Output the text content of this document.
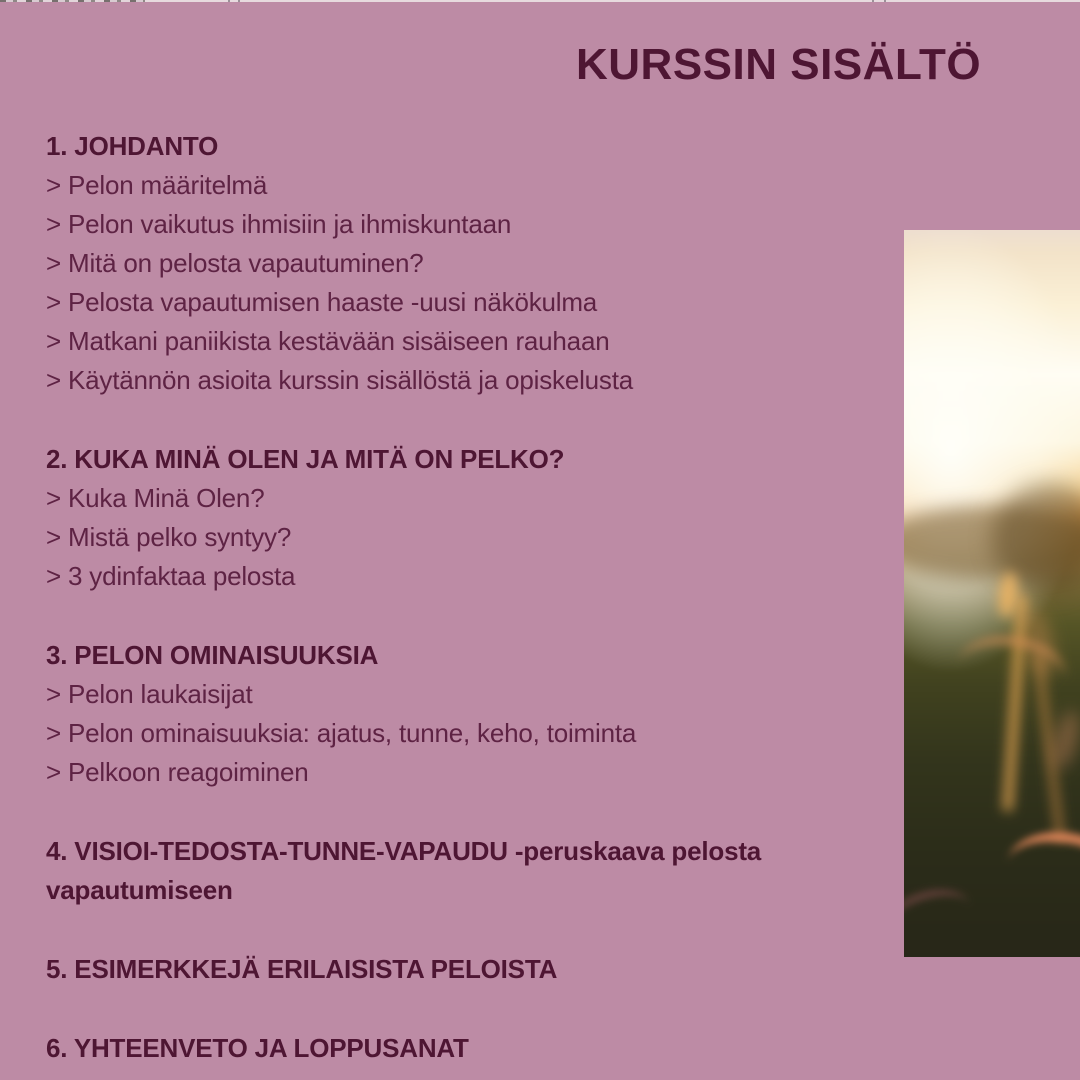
KURSSIN SISÄLTÖ
1. JOHDANTO

> Pelon määritelmä

> Pelon vaikutus ihmisiin ja ihmiskuntaan

> Mitä on pelosta vapautuminen?

> Pelosta vapautumisen haaste -uusi näkökulma

> Matkani paniikista kestävään sisäiseen rauhaan

> Käytännön asioita kurssin sisällöstä ja opiskelusta

2. KUKA MINÄ OLEN JA MITÄ ON PELKO?

> Kuka Minä Olen?

> Mistä pelko syntyy?

> 3 ydinfaktaa pelosta

3. PELON OMINAISUUKSIA

> Pelon laukaisijat

> Pelon ominaisuuksia: ajatus, tunne, keho, toiminta

> Pelkoon reagoiminen

4. VISIOI-TEDOSTA-TUNNE-VAPAUDU -peruskaava pelosta vapautumiseen
5. ESIMERKKEJÄ ERILAISISTA PELOISTA
6. YHTEENVETO JA LOPPUSANAT
